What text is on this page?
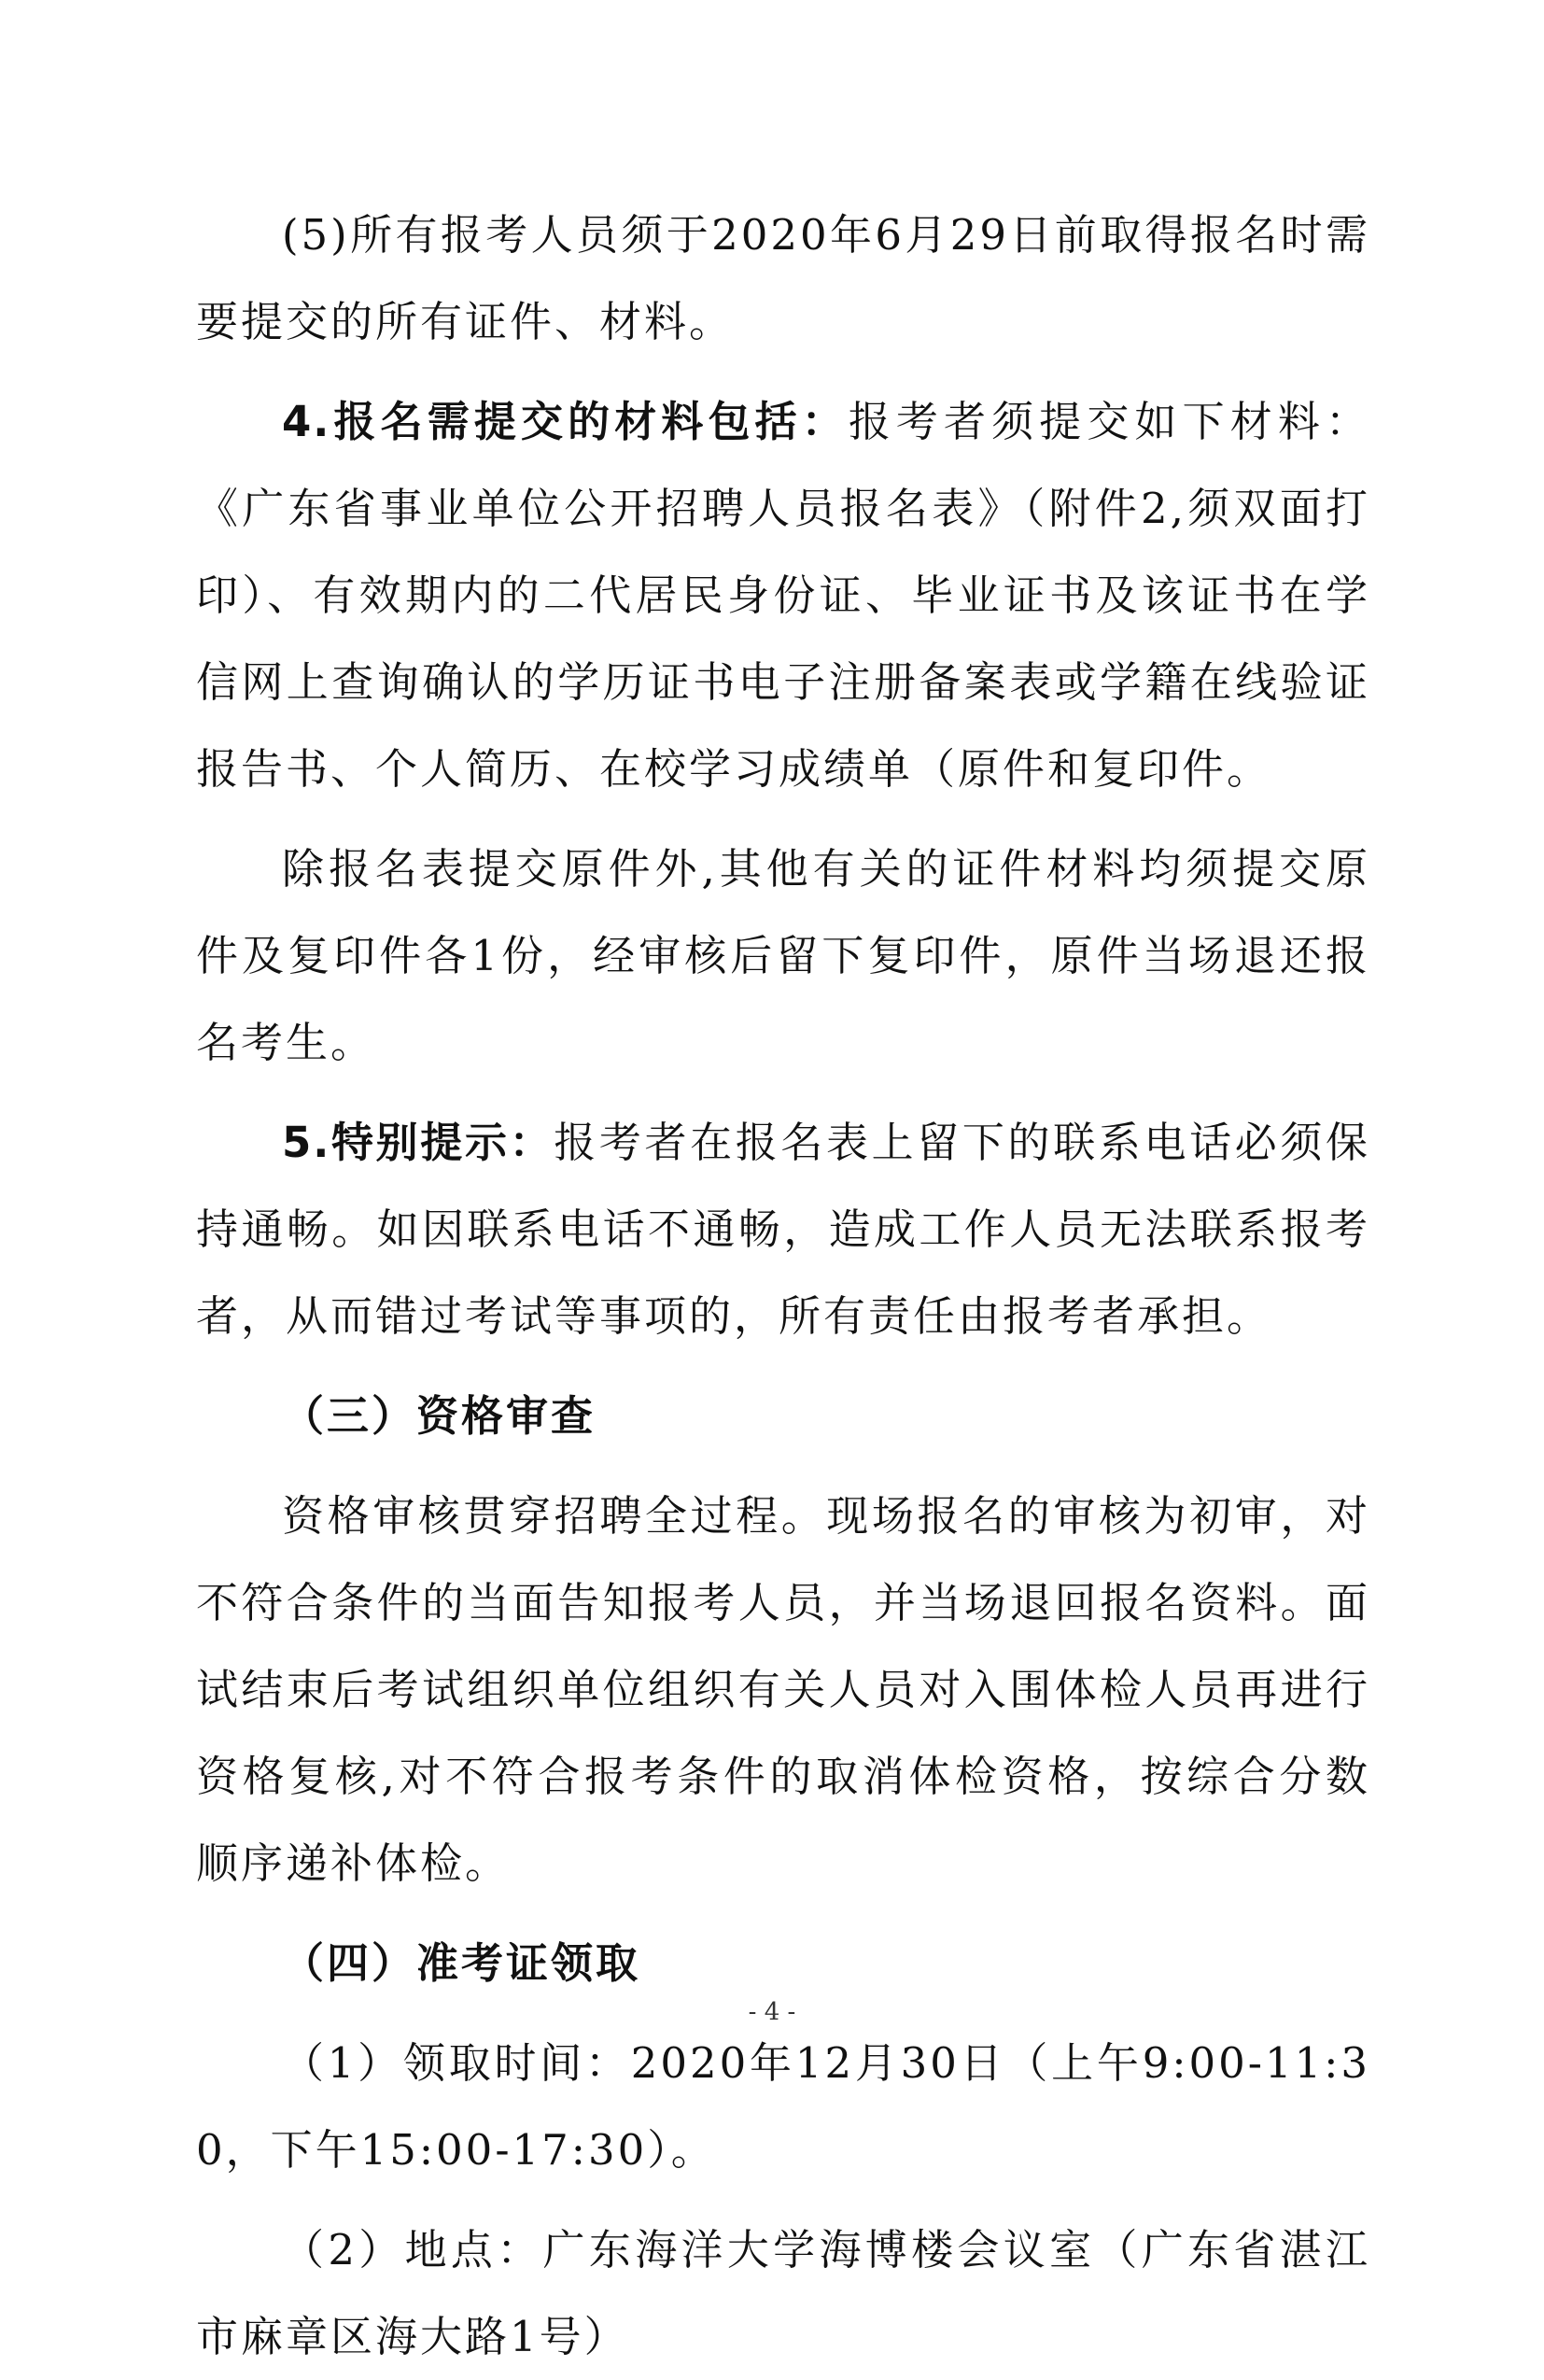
(5)所有报考人员须于2020年6月29日前取得报名时需要提交的所有证件、材料。

4.报名需提交的材料包括：报考者须提交如下材料：《广东省事业单位公开招聘人员报名表》（附件2,须双面打印）、有效期内的二代居民身份证、毕业证书及该证书在学信网上查询确认的学历证书电子注册备案表或学籍在线验证报告书、个人简历、在校学习成绩单（原件和复印件。

除报名表提交原件外,其他有关的证件材料均须提交原件及复印件各1份，经审核后留下复印件，原件当场退还报名考生。

5.特别提示：报考者在报名表上留下的联系电话必须保持通畅。如因联系电话不通畅，造成工作人员无法联系报考者，从而错过考试等事项的，所有责任由报考者承担。

（三）资格审查

资格审核贯穿招聘全过程。现场报名的审核为初审，对不符合条件的当面告知报考人员，并当场退回报名资料。面试结束后考试组织单位组织有关人员对入围体检人员再进行资格复核,对不符合报考条件的取消体检资格，按综合分数顺序递补体检。

（四）准考证领取

（1）领取时间：2020年12月30日（上午9:00-11:30，下午15:00-17:30）。

（2）地点：广东海洋大学海博楼会议室（广东省湛江市麻章区海大路1号）

- 4 -
